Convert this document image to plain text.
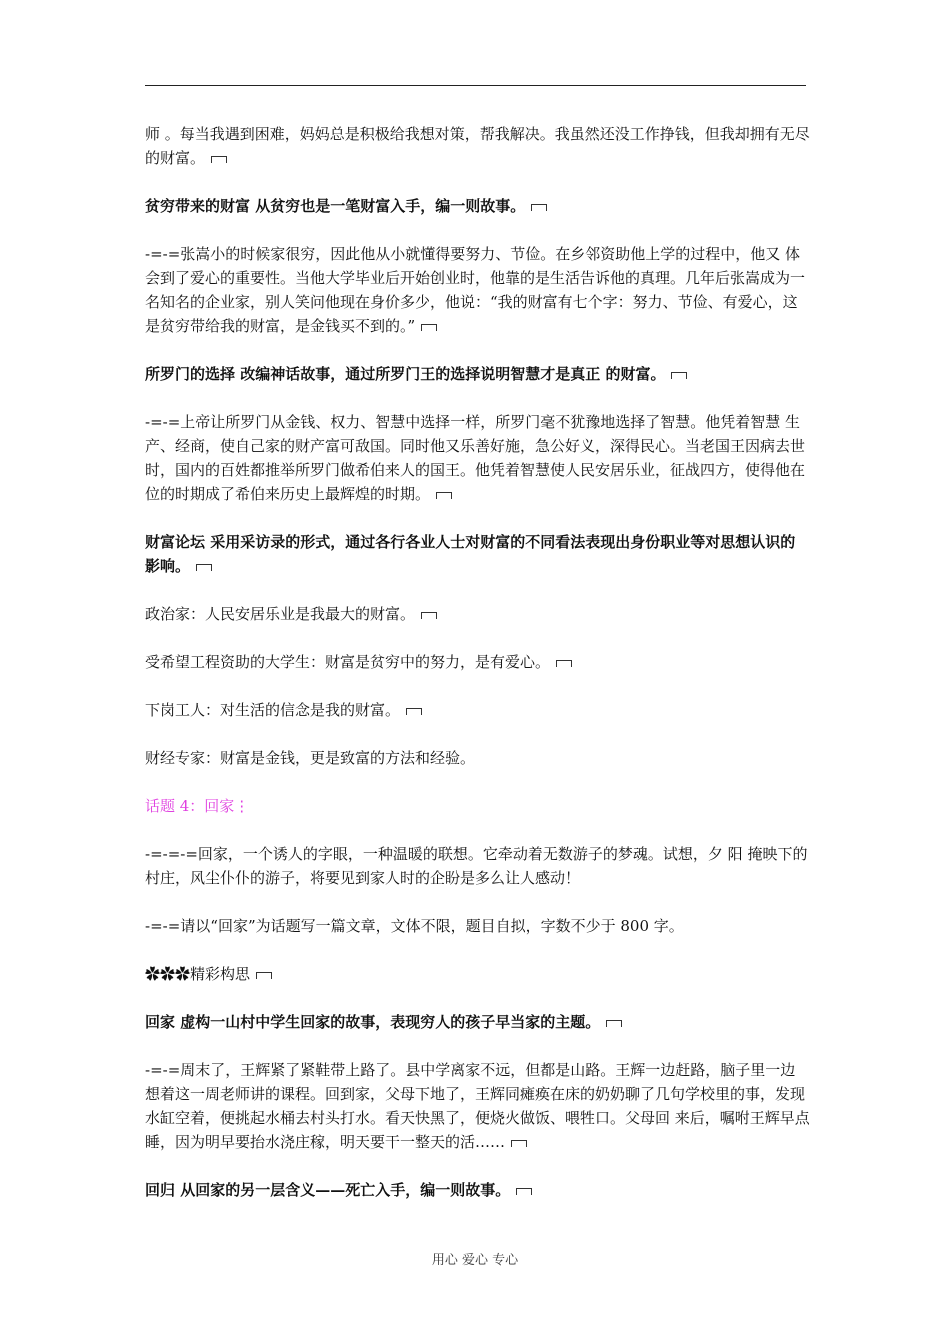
师 。每当我遇到困难，妈妈总是积极给我想对策，帮我解决。我虽然还没工作挣钱，但我却拥有无尽的财富。

贫穷带来的财富 从贫穷也是一笔财富入手，编一则故事。

-=-=张嵩小的时候家很穷，因此他从小就懂得要努力、节俭。在乡邻资助他上学的过程中，他又 体会到了爱心的重要性。当他大学毕业后开始创业时，他靠的是生活告诉他的真理。几年后张嵩成为一名知名的企业家，别人笑问他现在身价多少，他说：“我的财富有七个字：努力、节俭、有爱心，这是贫穷带给我的财富，是金钱买不到的。”

所罗门的选择 改编神话故事，通过所罗门王的选择说明智慧才是真正 的财富。

-=-=上帝让所罗门从金钱、权力、智慧中选择一样，所罗门毫不犹豫地选择了智慧。他凭着智慧 生产、经商，使自己家的财产富可敌国。同时他又乐善好施，急公好义，深得民心。当老国王因病去世时，国内的百姓都推举所罗门做希伯来人的国王。他凭着智慧使人民安居乐业，征战四方，使得他在位的时期成了希伯来历史上最辉煌的时期。

财富论坛 采用采访录的形式，通过各行各业人士对财富的不同看法表现出身份职业等对思想认识的影响。

政治家：人民安居乐业是我最大的财富。

受希望工程资助的大学生：财富是贫穷中的努力，是有爱心。

下岗工人：对生活的信念是我的财富。

财经专家：财富是金钱，更是致富的方法和经验。

话题 4：回家⋮

-=-=-=回家，一个诱人的字眼，一种温暖的联想。它牵动着无数游子的梦魂。试想，夕 阳 掩映下的村庄，风尘仆仆的游子，将要见到家人时的企盼是多么让人感动！

-=-=请以“回家”为话题写一篇文章，文体不限，题目自拟，字数不少于 800 字。

✿✿✿精彩构思

回家 虚构一山村中学生回家的故事，表现穷人的孩子早当家的主题。

-=-=周末了，王辉紧了紧鞋带上路了。县中学离家不远，但都是山路。王辉一边赶路，脑子里一边想着这一周老师讲的课程。回到家，父母下地了，王辉同瘫痪在床的奶奶聊了几句学校里的事，发现水缸空着，便挑起水桶去村头打水。看天快黑了，便烧火做饭、喂牲口。父母回 来后，嘱咐王辉早点睡，因为明早要抬水浇庄稼，明天要干一整天的活……

回归 从回家的另一层含义——死亡入手，编一则故事。

用心 爱心 专心
